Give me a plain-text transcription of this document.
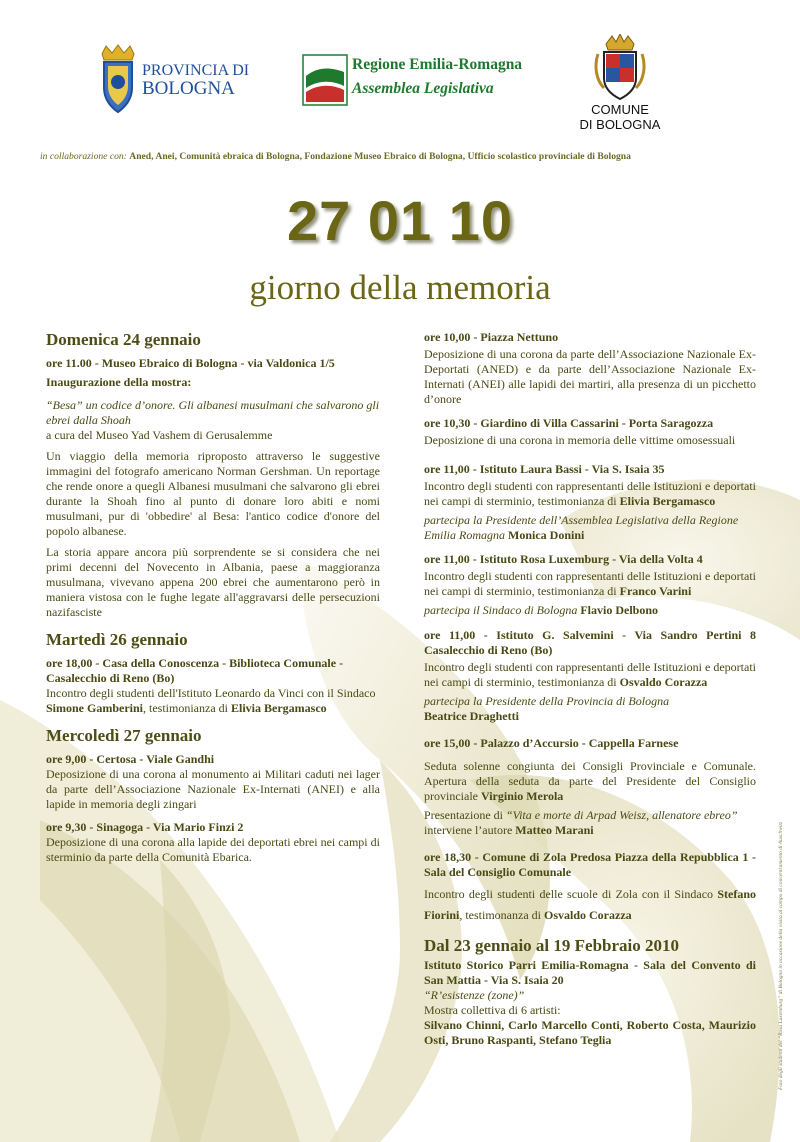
PROVINCIA DI
BOLOGNA
Regione Emilia-Romagna
Assemblea Legislativa
COMUNE
DI BOLOGNA
in collaborazione con: Aned, Anei, Comunità ebraica di Bologna, Fondazione Museo Ebraico di Bologna, Ufficio scolastico provinciale di Bologna
27 01 10
giorno della memoria
Domenica 24 gennaio

ore 11.00 - Museo Ebraico di Bologna - via Valdonica 1/5

Inaugurazione della mostra:

“Besa” un codice d’onore. Gli albanesi musulmani che salvarono gli ebrei dalla Shoah

a cura del Museo Yad Vashem di Gerusalemme

Un viaggio della memoria riproposto attraverso le suggestive immagini del fotografo americano Norman Gershman. Un reportage che rende onore a quegli Albanesi musulmani che salvarono gli ebrei durante la Shoah fino al punto di donare loro abiti e nomi musulmani, pur di 'obbedire' al Besa: l'antico codice d'onore del popolo albanese.

La storia appare ancora più sorprendente se si considera che nei primi decenni del Novecento in Albania, paese a maggioranza musulmana, vivevano appena 200 ebrei che aumentarono però in maniera vistosa con le fughe legate all'aggravarsi delle persecuzioni nazifasciste

Martedì 26 gennaio

ore 18,00 - Casa della Conoscenza - Biblioteca Comunale - Casalecchio di Reno (Bo)

Incontro degli studenti dell'Istituto Leonardo da Vinci con il Sindaco Simone Gamberini, testimonianza di Elivia Bergamasco

Mercoledì 27 gennaio

ore 9,00 - Certosa - Viale Gandhi

Deposizione di una corona al monumento ai Militari caduti nei lager da parte dell’Associazione Nazionale Ex-Internati (ANEI) e alla lapide in memoria degli zingari

ore 9,30 - Sinagoga - Via Mario Finzi 2

Deposizione di una corona alla lapide dei deportati ebrei nei campi di sterminio da parte della Comunità Ebarica.

ore 10,00 - Piazza Nettuno

Deposizione di una corona da parte dell’Associazione Nazionale Ex-Deportati (ANED) e da parte dell’Associazione Nazionale Ex-Internati (ANEI) alle lapidi dei martiri, alla presenza di un picchetto d’onore

ore 10,30 - Giardino di Villa Cassarini - Porta Saragozza

Deposizione di una corona in memoria delle vittime omosessuali

ore 11,00 - Istituto Laura Bassi - Via S. Isaia 35

Incontro degli studenti con rappresentanti delle Istituzioni e deportati nei campi di sterminio, testimonianza di Elivia Bergamasco

partecipa la Presidente dell’Assemblea Legislativa della Regione Emilia Romagna Monica Donini

ore 11,00 - Istituto Rosa Luxemburg - Via della Volta 4

Incontro degli studenti con rappresentanti delle Istituzioni e deportati nei campi di sterminio, testimonianza di Franco Varini

partecipa il Sindaco di Bologna Flavio Delbono

ore 11,00 - Istituto G. Salvemini - Via Sandro Pertini 8 Casalecchio di Reno (Bo)

Incontro degli studenti con rappresentanti delle Istituzioni e deportati nei campi di sterminio, testimonianza di Osvaldo Corazza

partecipa la Presidente della Provincia di Bologna

Beatrice Draghetti

ore 15,00 - Palazzo d’Accursio - Cappella Farnese

Seduta solenne congiunta dei Consigli Provinciale e Comunale. Apertura della seduta da parte del Presidente del Consiglio provinciale Virginio Merola

Presentazione di “Vita e morte di Arpad Weisz, allenatore ebreo” interviene l’autore Matteo Marani

ore 18,30 - Comune di Zola Predosa Piazza della Repubblica 1 - Sala del Consiglio Comunale

Incontro degli studenti delle scuole di Zola con il Sindaco Stefano Fiorini, testimonanza di Osvaldo Corazza

Dal 23 gennaio al 19 Febbraio 2010

Istituto Storico Parri Emilia-Romagna - Sala del Convento di San Mattia - Via S. Isaia 20

“R’esistenze (zone)”

Mostra collettiva di 6 artisti:

Silvano Chinni, Carlo Marcello Conti, Roberto Costa, Maurizio Osti, Bruno Raspanti, Stefano Teglia	Foto degli studenti del “Rosa Luxemburg” di Bologna in occasione della visita al campo di concentramento di Auschwitz
